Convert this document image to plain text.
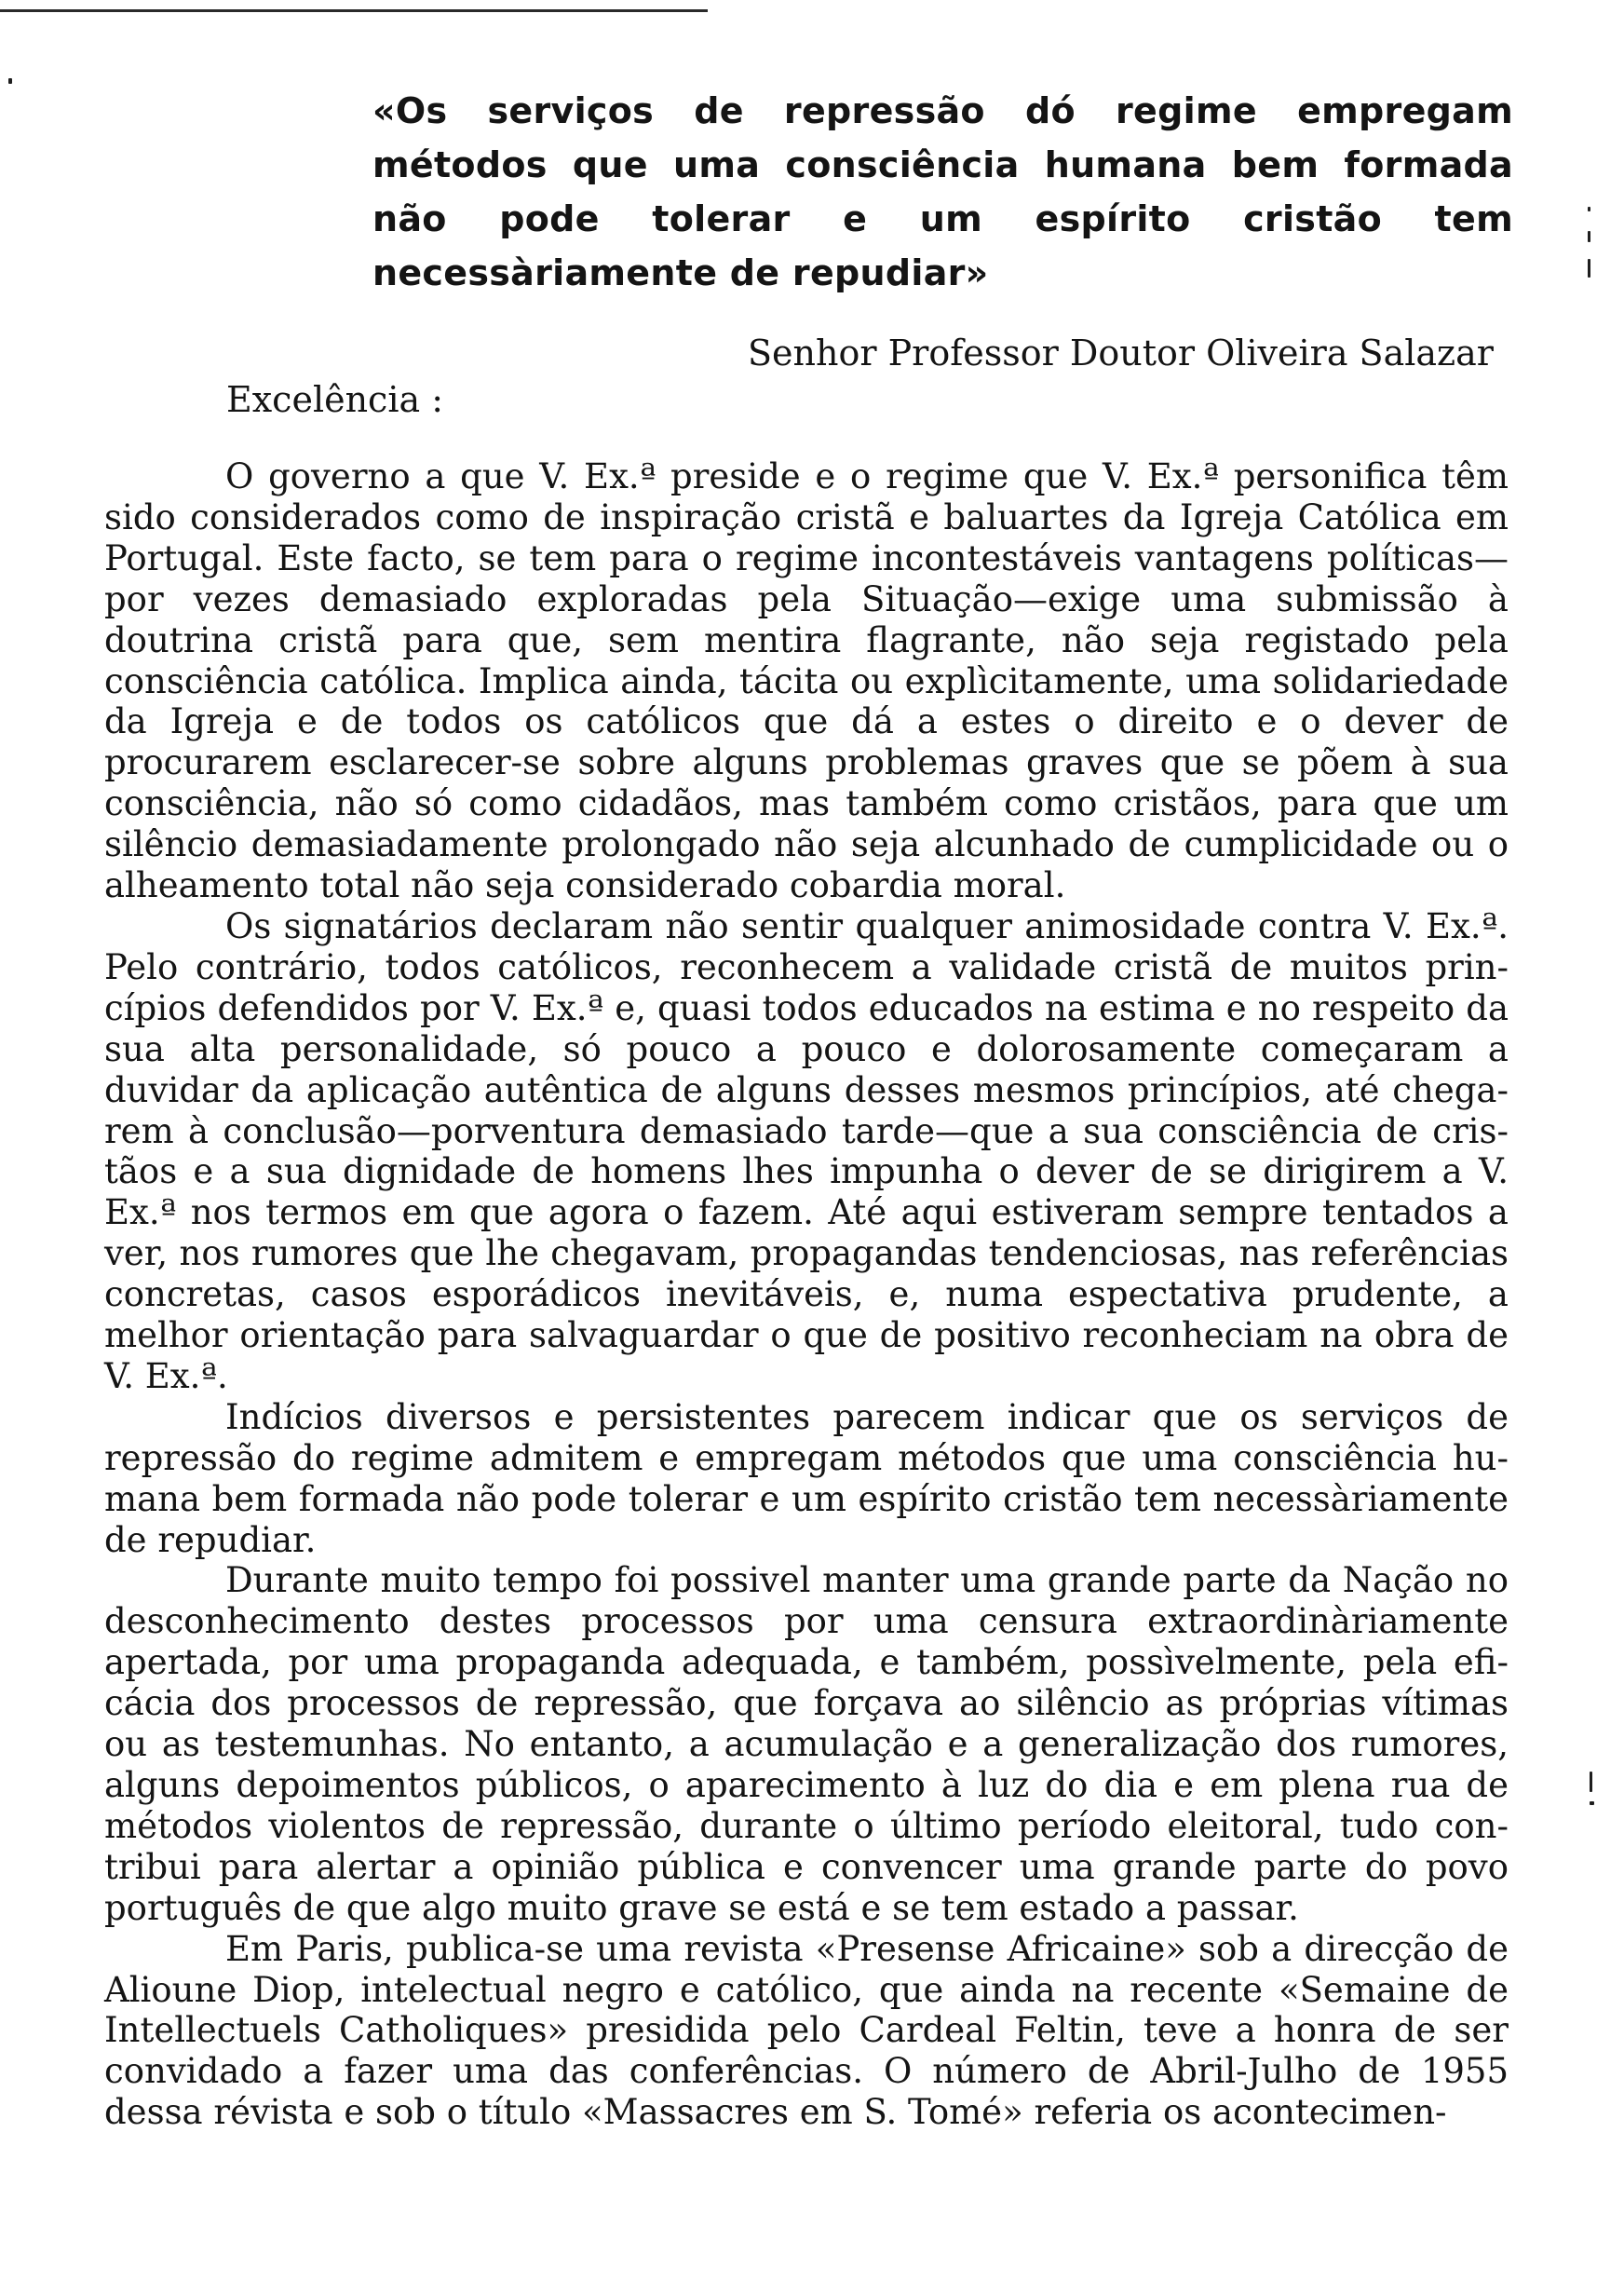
«Os serviços de repressão dó regime empregam métodos que uma consciência humana bem formada não pode tolerar e um espírito cristão tem necessàriamente de repudiar»

Senhor Professor Doutor Oliveira Salazar

Excelência :

O governo a que V. Ex.ª preside e o regime que V. Ex.ª personifica têm sido considerados como de inspiração cristã e baluartes da Igreja Católica em Portugal. Este facto, se tem para o regime incontestáveis vantagens políticas—por vezes demasiado exploradas pela Situação—exige uma submissão à doutrina cristã para que, sem mentira flagrante, não seja registado pela consciência católica. Implica ainda, tácita ou explìcitamente, uma solidariedade da Igreja e de todos os católicos que dá a estes o direito e o dever de procurarem esclarecer-se sobre alguns problemas graves que se põem à sua consciência, não só como cidadãos, mas também como cristãos, para que um silêncio demasiadamente prolongado não seja alcunhado de cumplicidade ou o alheamento total não seja considerado cobardia moral.

Os signatários declaram não sentir qualquer animosidade contra V. Ex.ª. Pelo contrário, todos católicos, reconhecem a validade cristã de muitos princípios defendidos por V. Ex.ª e, quasi todos educados na estima e no respeito da sua alta personalidade, só pouco a pouco e dolorosamente começaram a duvidar da aplicação autêntica de alguns desses mesmos princípios, até chegarem à conclusão—porventura demasiado tarde—que a sua consciência de cristãos e a sua dignidade de homens lhes impunha o dever de se dirigirem a V. Ex.ª nos termos em que agora o fazem. Até aqui estiveram sempre tentados a ver, nos rumores que lhe chegavam, propagandas tendenciosas, nas referências concretas, casos esporádicos inevitáveis, e, numa espectativa prudente, a melhor orientação para salvaguardar o que de positivo reconheciam na obra de V. Ex.ª.

Indícios diversos e persistentes parecem indicar que os serviços de repressão do regime admitem e empregam métodos que uma consciência humana bem formada não pode tolerar e um espírito cristão tem necessàriamente de repudiar.

Durante muito tempo foi possivel manter uma grande parte da Nação no desconhecimento destes processos por uma censura extraordinàriamente apertada, por uma propaganda adequada, e também, possìvelmente, pela eficácia dos processos de repressão, que forçava ao silêncio as próprias vítimas ou as testemunhas. No entanto, a acumulação e a generalização dos rumores, alguns depoimentos públicos, o aparecimento à luz do dia e em plena rua de métodos violentos de repressão, durante o último período eleitoral, tudo contribui para alertar a opinião pública e convencer uma grande parte do povo português de que algo muito grave se está e se tem estado a passar.

Em Paris, publica-se uma revista «Presense Africaine» sob a direcção de Alioune Diop, intelectual negro e católico, que ainda na recente «Semaine de Intellectuels Catholiques» presidida pelo Cardeal Feltin, teve a honra de ser convidado a fazer uma das conferências. O número de Abril-Julho de 1955 dessa révista e sob o título «Massacres em S. Tomé» referia os acontecimen-
